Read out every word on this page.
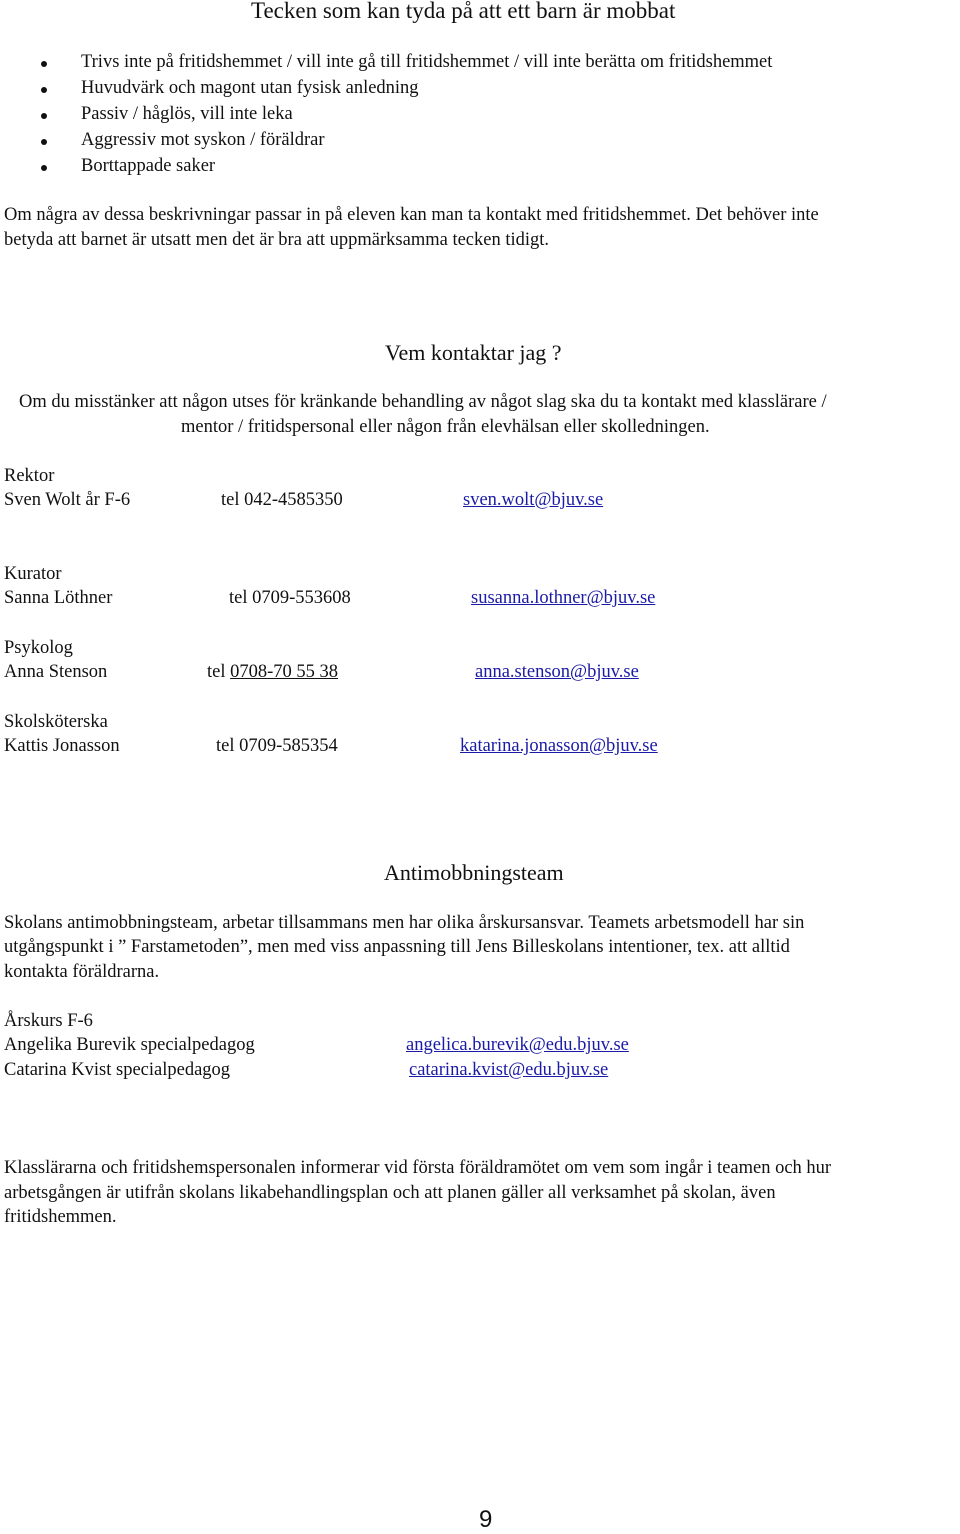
Tecken som kan tyda på att ett barn är mobbat
Trivs inte på fritidshemmet / vill inte gå till fritidshemmet / vill inte berätta om fritidshemmet
Huvudvärk och magont utan fysisk anledning
Passiv / håglös, vill inte leka
Aggressiv mot syskon / föräldrar
Borttappade saker
Om några av dessa beskrivningar passar in på eleven kan man ta kontakt med fritidshemmet. Det behöver inte
betyda att barnet är utsatt men det är bra att uppmärksamma tecken tidigt.
Vem kontaktar jag ?
Om du misstänker att någon utses för kränkande behandling av något slag ska du ta kontakt med klasslärare /
mentor / fritidspersonal eller någon från elevhälsan eller skolledningen.
Rektor
Sven Wolt år F-6	tel 042-4585350	sven.wolt@bjuv.se
Kurator
Sanna Löthner	tel 0709-553608	susanna.lothner@bjuv.se
Psykolog
Anna Stenson	tel 0708-70 55 38	anna.stenson@bjuv.se
Skolsköterska
Kattis Jonasson	tel 0709-585354	katarina.jonasson@bjuv.se
Antimobbningsteam
Skolans antimobbningsteam, arbetar tillsammans men har olika årskursansvar. Teamets arbetsmodell har sin
utgångspunkt i ” Farstametoden”, men med viss anpassning till Jens Billeskolans intentioner, tex. att alltid
kontakta föräldrarna.
Årskurs F-6
Angelika Burevik specialpedagog	angelica.burevik@edu.bjuv.se
Catarina Kvist specialpedagog	catarina.kvist@edu.bjuv.se
Klasslärarna och fritidshemspersonalen informerar vid första föräldramötet om vem som ingår i teamen och hur
arbetsgången är utifrån skolans likabehandlingsplan och att planen gäller all verksamhet på skolan, även
fritidshemmen.
9
